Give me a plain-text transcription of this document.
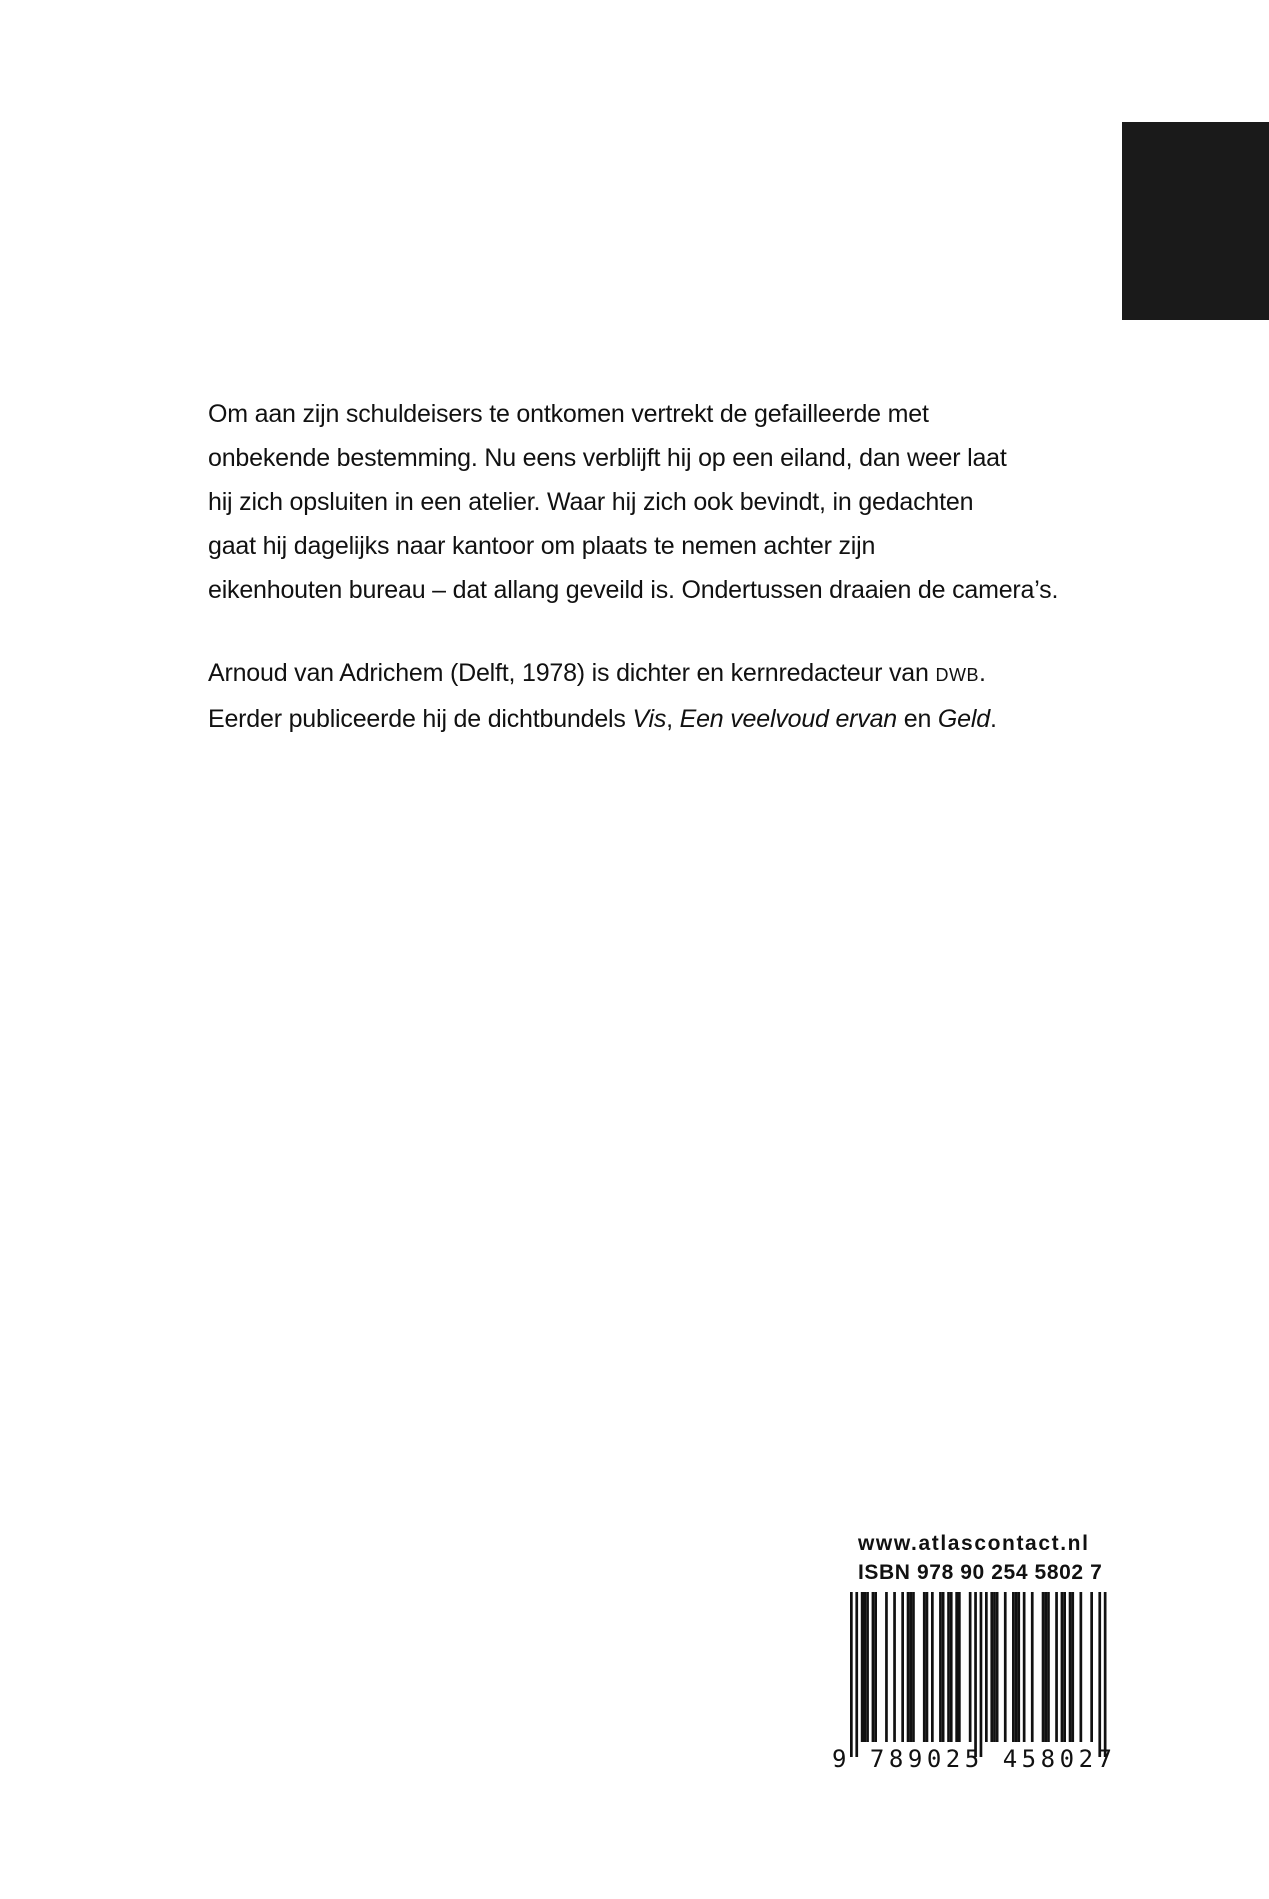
Om aan zijn schuldeisers te ontkomen vertrekt de gefailleerde met
onbekende bestemming. Nu eens verblijft hij op een eiland, dan weer laat
hij zich opsluiten in een atelier. Waar hij zich ook bevindt, in gedachten
gaat hij dagelijks naar kantoor om plaats te nemen achter zijn
eikenhouten bureau – dat allang geveild is. Ondertussen draaien de camera’s.

Arnoud van Adrichem (Delft, 1978) is dichter en kernredacteur van DWB.
Eerder publiceerde hij de dichtbundels Vis, Een veelvoud ervan en Geld.
www.atlascontact.nl
ISBN 978 90 254 5802 7
9 789025 458027
